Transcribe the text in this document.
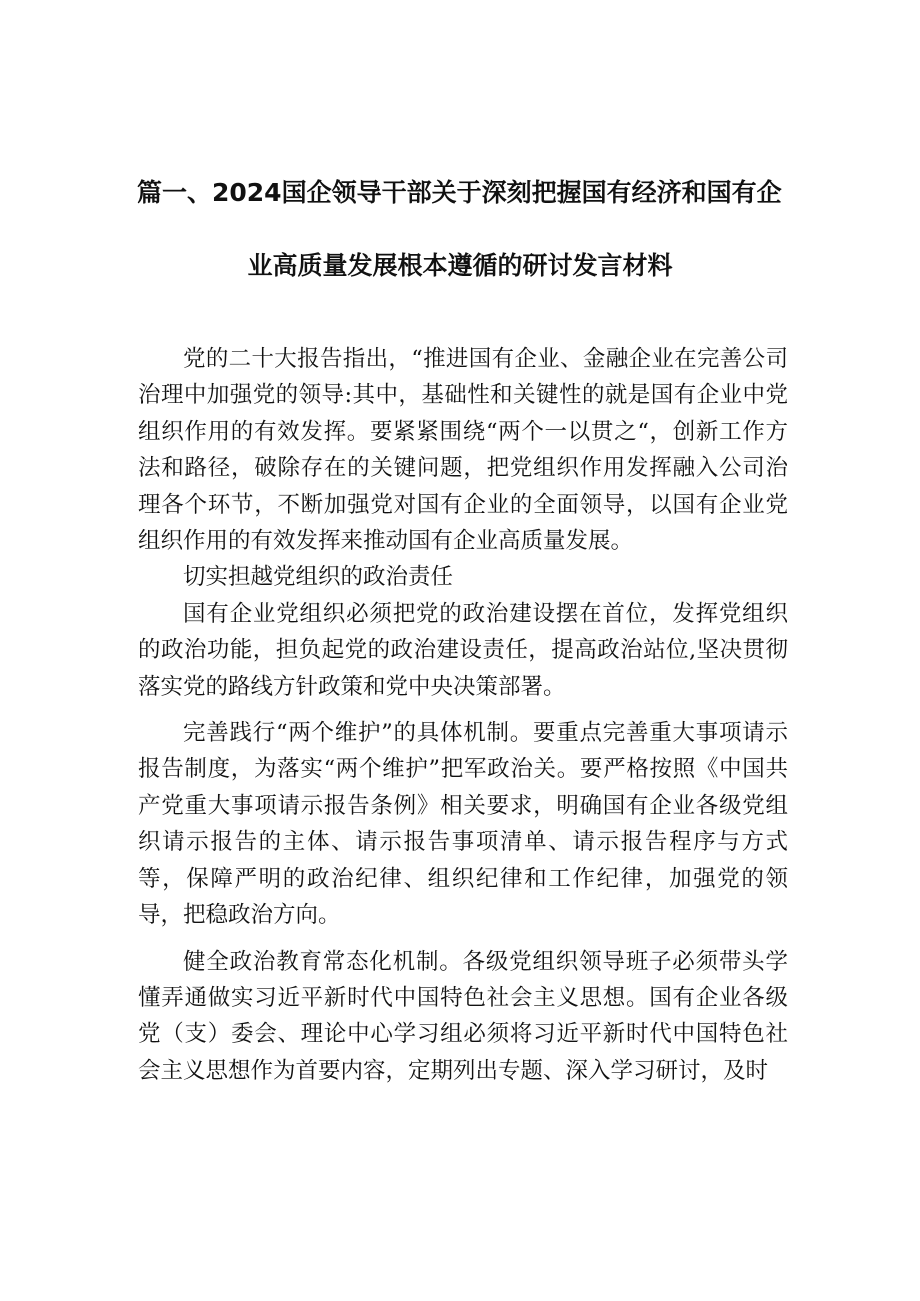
篇一、2024国企领导干部关于深刻把握国有经济和国有企
业高质量发展根本遵循的研讨发言材料

党的二十大报告指出，“推进国有企业、金融企业在完善公司治理中加强党的领导:其中，基础性和关键性的就是国有企业中党组织作用的有效发挥。要紧紧围绕“两个一以贯之“，创新工作方法和路径，破除存在的关键问题，把党组织作用发挥融入公司治理各个环节，不断加强党对国有企业的全面领导，以国有企业党组织作用的有效发挥来推动国有企业高质量发展。

切实担越党组织的政治责任

国有企业党组织必须把党的政治建设摆在首位，发挥党组织的政治功能，担负起党的政治建设责任，提高政治站位,坚决贯彻落实党的路线方针政策和党中央决策部署。

完善践行“两个维护”的具体机制。要重点完善重大事项请示报告制度，为落实“两个维护”把军政治关。要严格按照《中国共产党重大事项请示报告条例》相关要求，明确国有企业各级党组织请示报告的主体、请示报告事项清单、请示报告程序与方式等，保障严明的政治纪律、组织纪律和工作纪律，加强党的领导，把稳政治方向。

健全政治教育常态化机制。各级党组织领导班子必须带头学懂弄通做实习近平新时代中国特色社会主义思想。国有企业各级党（支）委会、理论中心学习组必须将习近平新时代中国特色社会主义思想作为首要内容，定期列出专题、深入学习研讨，及时
